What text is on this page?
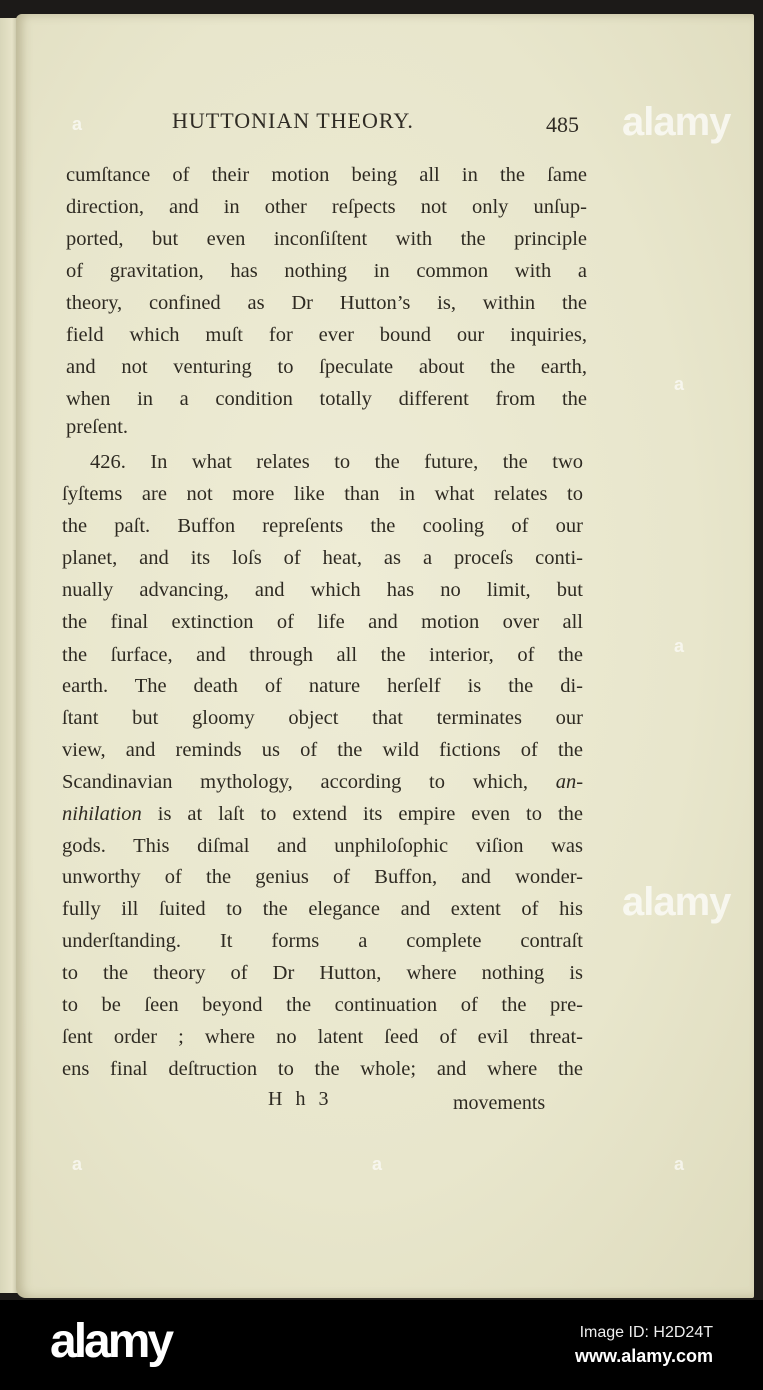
HUTTONIAN THEORY.	485
cumſtance of their motion being all in the ſame
direction, and in other reſpects not only unſup-
ported, but even inconſiſtent with the principle
of gravitation, has nothing in common with a
theory, confined as Dr Hutton’s is, within the
field which muſt for ever bound our inquiries,
and not venturing to ſpeculate about the earth,
when in a condition totally different from the
preſent.
426. In what relates to the future, the two
ſyſtems are not more like than in what relates to
the paſt. Buffon repreſents the cooling of our
planet, and its loſs of heat, as a proceſs conti-
nually advancing, and which has no limit, but
the final extinction of life and motion over all
the ſurface, and through all the interior, of the
earth. The death of nature herſelf is the di-
ſtant but gloomy object that terminates our
view, and reminds us of the wild fictions of the
Scandinavian mythology, according to which, an-
nihilation is at laſt to extend its empire even to the
gods. This diſmal and unphiloſophic viſion was
unworthy of the genius of Buffon, and wonder-
fully ill ſuited to the elegance and extent of his
underſtanding. It forms a complete contraſt
to the theory of Dr Hutton, where nothing is
to be ſeen beyond the continuation of the pre-
ſent order ; where no latent ſeed of evil threat-
ens final deſtruction to the whole; and where the
H h 3	movements
alamy
alamy
a
a
a
a	a	a
alamy	Image ID: H2D24T
www.alamy.com
